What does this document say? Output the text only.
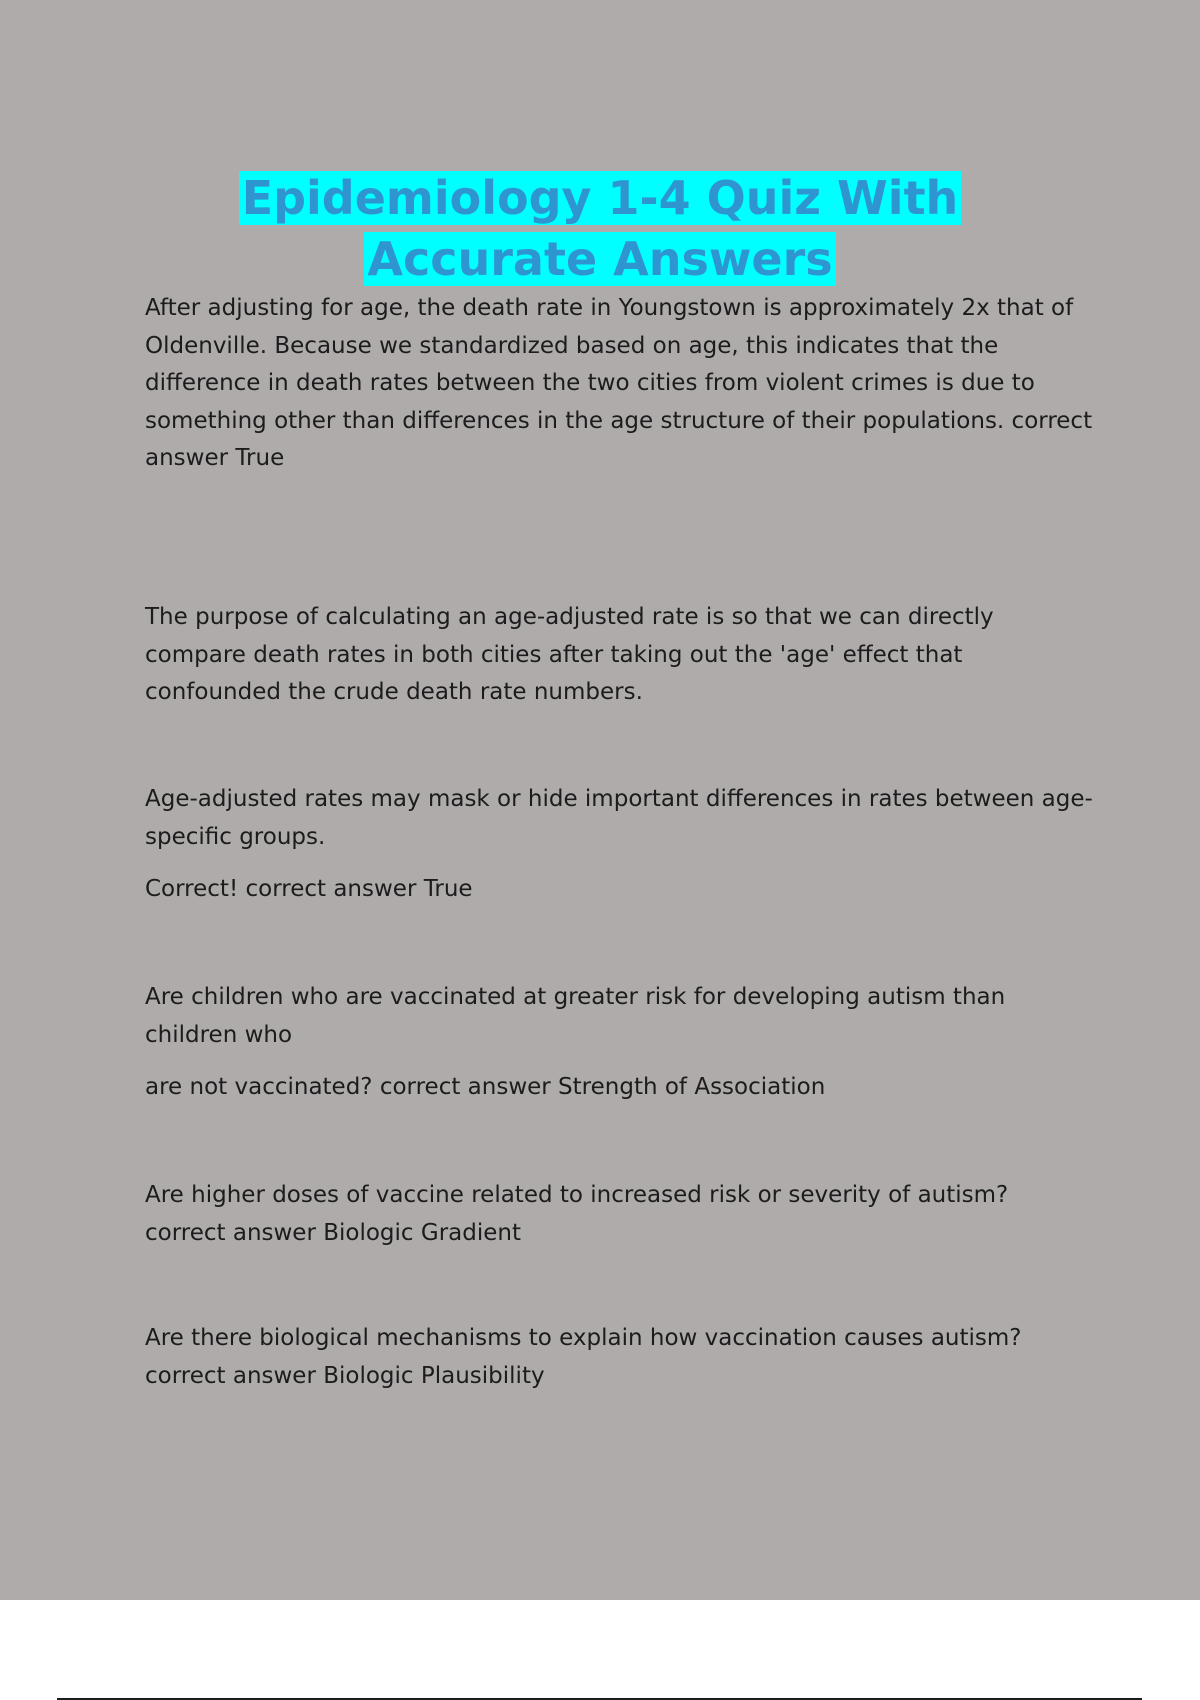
Epidemiology 1-4 Quiz With
Accurate Answers

After adjusting for age, the death rate in Youngstown is approximately 2x that of Oldenville. Because we standardized based on age, this indicates that the difference in death rates between the two cities from violent crimes is due to something other than differences in the age structure of their populations. correct answer True

The purpose of calculating an age-adjusted rate is so that we can directly compare death rates in both cities after taking out the 'age' effect that confounded the crude death rate numbers.

Age-adjusted rates may mask or hide important differences in rates between age-specific groups.

Correct! correct answer True

Are children who are vaccinated at greater risk for developing autism than children who

are not vaccinated? correct answer Strength of Association

Are higher doses of vaccine related to increased risk or severity of autism? correct answer Biologic Gradient

Are there biological mechanisms to explain how vaccination causes autism? correct answer Biologic Plausibility
